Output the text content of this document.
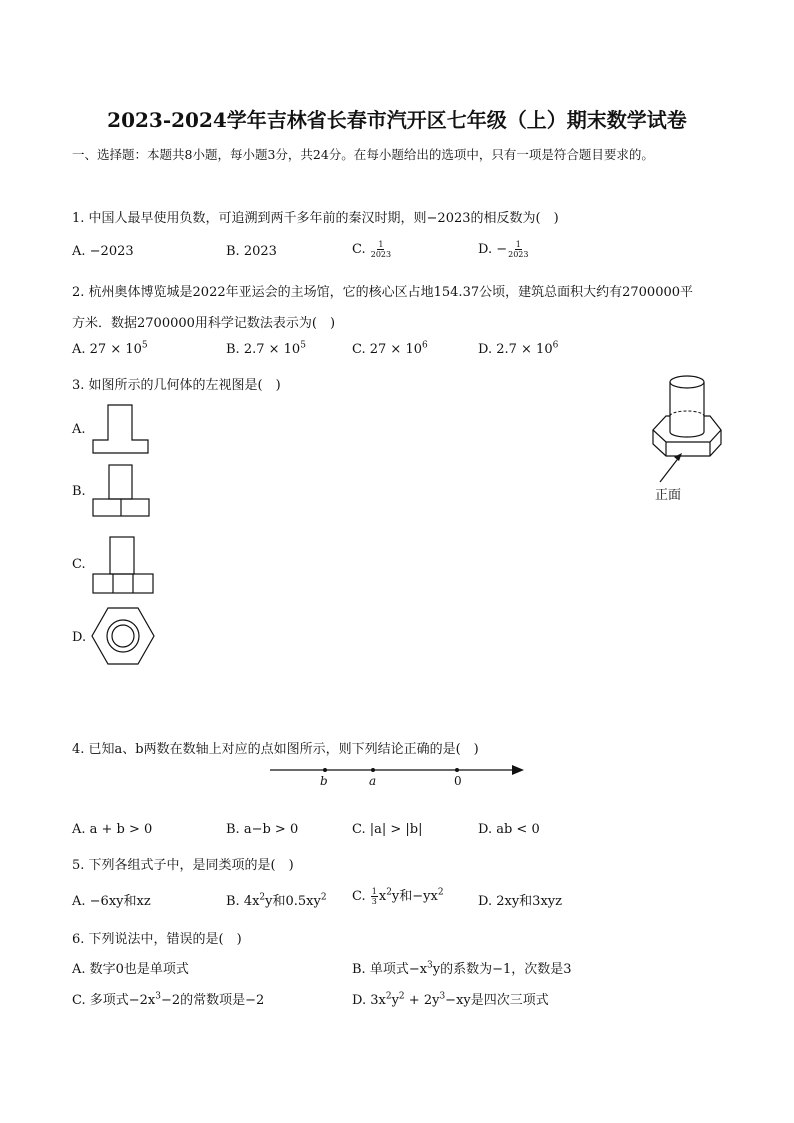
2023-2024学年吉林省长春市汽开区七年级（上）期末数学试卷
一、选择题：本题共8小题，每小题3分，共24分。在每小题给出的选项中，只有一项是符合题目要求的。
1. 中国人最早使用负数，可追溯到两千多年前的秦汉时期，则−2023的相反数为(　)
A. −2023	B. 2023	C. $\frac{1}{2023}$	D. − $\frac{1}{2023}$
2. 杭州奥体博览城是2022年亚运会的主场馆，它的核心区占地154.37公顷，建筑总面积大约有2700000平
方米．数据2700000用科学记数法表示为(　)
A. $27 \times 10^5$	B. $2.7 \times 10^5$	C. $27 \times 10^6$	D. $2.7 \times 10^6$
3. 如图所示的几何体的左视图是(　)
A.
B.
C.
D.
正面
4. 已知a、b两数在数轴上对应的点如图所示，则下列结论正确的是(　)
b	a	0
A. a + b > 0	B. a−b > 0	C. |a| > |b|	D. ab < 0
5. 下列各组式子中，是同类项的是(　)
A. −6xy和xz	B. $4x^2y$和$0.5xy^2$ C. $\frac{1}{3} x^2y$和$-yx^2$
D. 2xy和3xyz
6. 下列说法中，错误的是(　)
A. 数字0也是单项式	B. 单项式$-x^3y$的系数为−1，次数是3
C. 多项式$-2x^3-2$的常数项是−2	D. $3x^2y^2 + 2y^3-xy$是四次三项式
